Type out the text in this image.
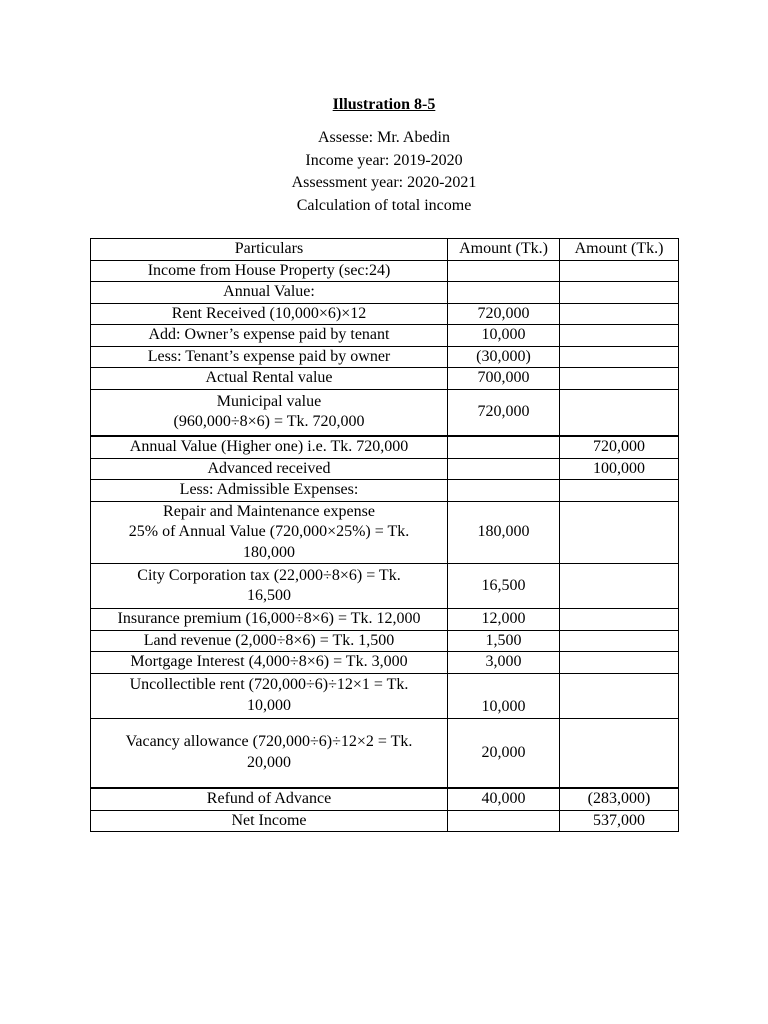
Illustration 8-5
Assesse: Mr. Abedin
Income year: 2019-2020
Assessment year: 2020-2021
Calculation of total income
Particulars	Amount (Tk.)	Amount (Tk.)
Income from House Property (sec:24)		
Annual Value:		
Rent Received (10,000×6)×12	720,000	
Add: Owner’s expense paid by tenant	10,000	
Less: Tenant’s expense paid by owner	(30,000)	
Actual Rental value	700,000	
Municipal value
(960,000÷8×6) = Tk. 720,000	720,000	
Annual Value (Higher one) i.e. Tk. 720,000		720,000
Advanced received		100,000
Less: Admissible Expenses:		
Repair and Maintenance expense
25% of Annual Value (720,000×25%) = Tk.
180,000	180,000	
City Corporation tax (22,000÷8×6) = Tk.
16,500	16,500	
Insurance premium (16,000÷8×6) = Tk. 12,000	12,000	
Land revenue (2,000÷8×6) = Tk. 1,500	1,500	
Mortgage Interest (4,000÷8×6) = Tk. 3,000	3,000	
Uncollectible rent (720,000÷6)÷12×1 = Tk.
10,000	10,000	
Vacancy allowance (720,000÷6)÷12×2 = Tk.
20,000	20,000	
Refund of Advance	40,000	(283,000)
Net Income		537,000
